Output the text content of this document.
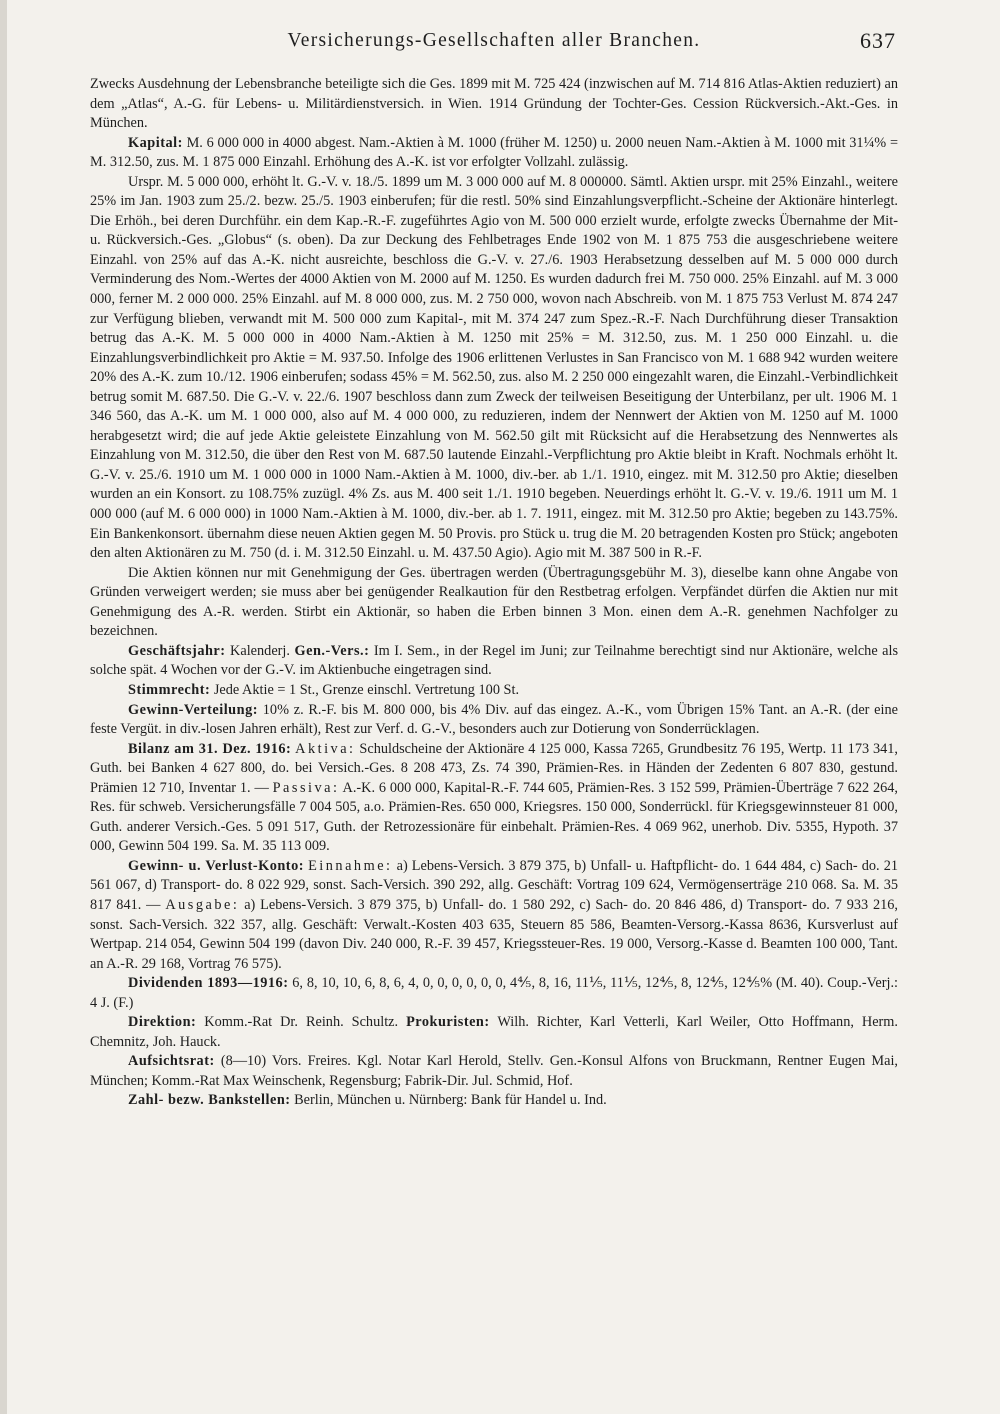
Versicherungs-Gesellschaften aller Branchen.	637

Zwecks Ausdehnung der Lebensbranche beteiligte sich die Ges. 1899 mit M. 725 424 (inzwischen auf M. 714 816 Atlas-Aktien reduziert) an dem „Atlas“, A.-G. für Lebens- u. Militärdienstversich. in Wien. 1914 Gründung der Tochter-Ges. Cession Rückversich.-Akt.-Ges. in München.

Kapital: M. 6 000 000 in 4000 abgest. Nam.-Aktien à M. 1000 (früher M. 1250) u. 2000 neuen Nam.-Aktien à M. 1000 mit 31¼% = M. 312.50, zus. M. 1 875 000 Einzahl. Erhöhung des A.-K. ist vor erfolgter Vollzahl. zulässig.

Urspr. M. 5 000 000, erhöht lt. G.-V. v. 18./5. 1899 um M. 3 000 000 auf M. 8 000000. Sämtl. Aktien urspr. mit 25% Einzahl., weitere 25% im Jan. 1903 zum 25./2. bezw. 25./5. 1903 einberufen; für die restl. 50% sind Einzahlungsverpflicht.-Scheine der Aktionäre hinterlegt. Die Erhöh., bei deren Durchführ. ein dem Kap.-R.-F. zugeführtes Agio von M. 500 000 erzielt wurde, erfolgte zwecks Übernahme der Mit- u. Rückversich.-Ges. „Globus“ (s. oben). Da zur Deckung des Fehlbetrages Ende 1902 von M. 1 875 753 die ausgeschriebene weitere Einzahl. von 25% auf das A.-K. nicht ausreichte, beschloss die G.-V. v. 27./6. 1903 Herabsetzung desselben auf M. 5 000 000 durch Verminderung des Nom.-Wertes der 4000 Aktien von M. 2000 auf M. 1250. Es wurden dadurch frei M. 750 000. 25% Einzahl. auf M. 3 000 000, ferner M. 2 000 000. 25% Einzahl. auf M. 8 000 000, zus. M. 2 750 000, wovon nach Abschreib. von M. 1 875 753 Verlust M. 874 247 zur Verfügung blieben, verwandt mit M. 500 000 zum Kapital-, mit M. 374 247 zum Spez.-R.-F. Nach Durchführung dieser Transaktion betrug das A.-K. M. 5 000 000 in 4000 Nam.-Aktien à M. 1250 mit 25% = M. 312.50, zus. M. 1 250 000 Einzahl. u. die Einzahlungsverbindlichkeit pro Aktie = M. 937.50. Infolge des 1906 erlittenen Verlustes in San Francisco von M. 1 688 942 wurden weitere 20% des A.-K. zum 10./12. 1906 einberufen; sodass 45% = M. 562.50, zus. also M. 2 250 000 eingezahlt waren, die Einzahl.-Verbindlichkeit betrug somit M. 687.50. Die G.-V. v. 22./6. 1907 beschloss dann zum Zweck der teilweisen Beseitigung der Unterbilanz, per ult. 1906 M. 1 346 560, das A.-K. um M. 1 000 000, also auf M. 4 000 000, zu reduzieren, indem der Nennwert der Aktien von M. 1250 auf M. 1000 herabgesetzt wird; die auf jede Aktie geleistete Einzahlung von M. 562.50 gilt mit Rücksicht auf die Herabsetzung des Nennwertes als Einzahlung von M. 312.50, die über den Rest von M. 687.50 lautende Einzahl.-Verpflichtung pro Aktie bleibt in Kraft. Nochmals erhöht lt. G.-V. v. 25./6. 1910 um M. 1 000 000 in 1000 Nam.-Aktien à M. 1000, div.-ber. ab 1./1. 1910, eingez. mit M. 312.50 pro Aktie; dieselben wurden an ein Konsort. zu 108.75% zuzügl. 4% Zs. aus M. 400 seit 1./1. 1910 begeben. Neuerdings erhöht lt. G.-V. v. 19./6. 1911 um M. 1 000 000 (auf M. 6 000 000) in 1000 Nam.-Aktien à M. 1000, div.-ber. ab 1. 7. 1911, eingez. mit M. 312.50 pro Aktie; begeben zu 143.75%. Ein Bankenkonsort. übernahm diese neuen Aktien gegen M. 50 Provis. pro Stück u. trug die M. 20 betragenden Kosten pro Stück; angeboten den alten Aktionären zu M. 750 (d. i. M. 312.50 Einzahl. u. M. 437.50 Agio). Agio mit M. 387 500 in R.-F.

Die Aktien können nur mit Genehmigung der Ges. übertragen werden (Übertragungsgebühr M. 3), dieselbe kann ohne Angabe von Gründen verweigert werden; sie muss aber bei genügender Realkaution für den Restbetrag erfolgen. Verpfändet dürfen die Aktien nur mit Genehmigung des A.-R. werden. Stirbt ein Aktionär, so haben die Erben binnen 3 Mon. einen dem A.-R. genehmen Nachfolger zu bezeichnen.

Geschäftsjahr: Kalenderj. Gen.-Vers.: Im I. Sem., in der Regel im Juni; zur Teilnahme berechtigt sind nur Aktionäre, welche als solche spät. 4 Wochen vor der G.-V. im Aktienbuche eingetragen sind.

Stimmrecht: Jede Aktie = 1 St., Grenze einschl. Vertretung 100 St.

Gewinn-Verteilung: 10% z. R.-F. bis M. 800 000, bis 4% Div. auf das eingez. A.-K., vom Übrigen 15% Tant. an A.-R. (der eine feste Vergüt. in div.-losen Jahren erhält), Rest zur Verf. d. G.-V., besonders auch zur Dotierung von Sonderrücklagen.

Bilanz am 31. Dez. 1916: Aktiva: Schuldscheine der Aktionäre 4 125 000, Kassa 7265, Grundbesitz 76 195, Wertp. 11 173 341, Guth. bei Banken 4 627 800, do. bei Versich.-Ges. 8 208 473, Zs. 74 390, Prämien-Res. in Händen der Zedenten 6 807 830, gestund. Prämien 12 710, Inventar 1. — Passiva: A.-K. 6 000 000, Kapital-R.-F. 744 605, Prämien-Res. 3 152 599, Prämien-Überträge 7 622 264, Res. für schweb. Versicherungsfälle 7 004 505, a.o. Prämien-Res. 650 000, Kriegsres. 150 000, Sonderrückl. für Kriegsgewinnsteuer 81 000, Guth. anderer Versich.-Ges. 5 091 517, Guth. der Retrozessionäre für einbehalt. Prämien-Res. 4 069 962, unerhob. Div. 5355, Hypoth. 37 000, Gewinn 504 199. Sa. M. 35 113 009.

Gewinn- u. Verlust-Konto: Einnahme: a) Lebens-Versich. 3 879 375, b) Unfall- u. Haftpflicht- do. 1 644 484, c) Sach- do. 21 561 067, d) Transport- do. 8 022 929, sonst. Sach-Versich. 390 292, allg. Geschäft: Vortrag 109 624, Vermögenserträge 210 068. Sa. M. 35 817 841. — Ausgabe: a) Lebens-Versich. 3 879 375, b) Unfall- do. 1 580 292, c) Sach- do. 20 846 486, d) Transport- do. 7 933 216, sonst. Sach-Versich. 322 357, allg. Geschäft: Verwalt.-Kosten 403 635, Steuern 85 586, Beamten-Versorg.-Kassa 8636, Kursverlust auf Wertpap. 214 054, Gewinn 504 199 (davon Div. 240 000, R.-F. 39 457, Kriegssteuer-Res. 19 000, Versorg.-Kasse d. Beamten 100 000, Tant. an A.-R. 29 168, Vortrag 76 575).

Dividenden 1893—1916: 6, 8, 10, 10, 6, 8, 6, 4, 0, 0, 0, 0, 0, 0, 4⅘, 8, 16, 11⅕, 11⅕, 12⅘, 8, 12⅘, 12⅘% (M. 40). Coup.-Verj.: 4 J. (F.)

Direktion: Komm.-Rat Dr. Reinh. Schultz. Prokuristen: Wilh. Richter, Karl Vetterli, Karl Weiler, Otto Hoffmann, Herm. Chemnitz, Joh. Hauck.

Aufsichtsrat: (8—10) Vors. Freires. Kgl. Notar Karl Herold, Stellv. Gen.-Konsul Alfons von Bruckmann, Rentner Eugen Mai, München; Komm.-Rat Max Weinschenk, Regensburg; Fabrik-Dir. Jul. Schmid, Hof.

Zahl- bezw. Bankstellen: Berlin, München u. Nürnberg: Bank für Handel u. Ind.
